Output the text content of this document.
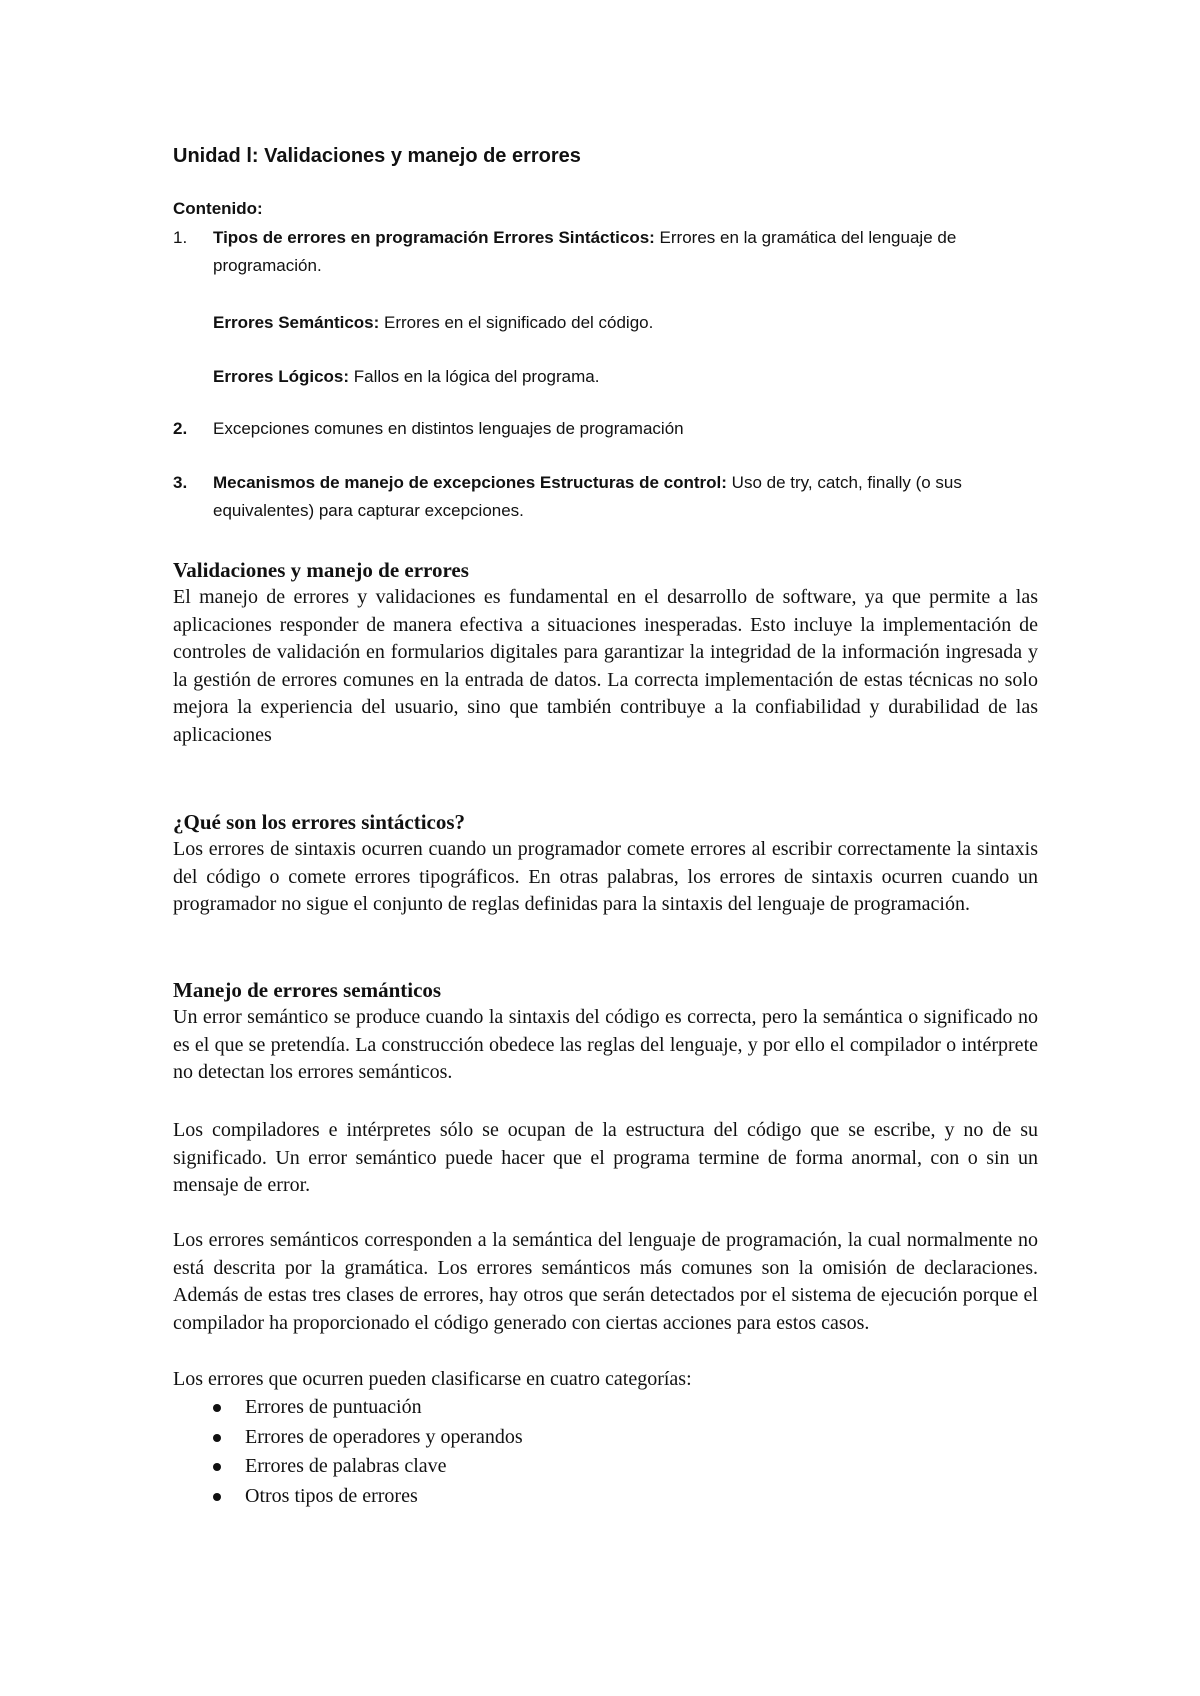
Unidad l: Validaciones y manejo de errores
Contenido:
1. Tipos de errores en programación Errores Sintácticos: Errores en la gramática del lenguaje de programación.
Errores Semánticos: Errores en el significado del código.
Errores Lógicos: Fallos en la lógica del programa.
2. Excepciones comunes en distintos lenguajes de programación
3. Mecanismos de manejo de excepciones Estructuras de control: Uso de try, catch, finally (o sus equivalentes) para capturar excepciones.
Validaciones y manejo de errores

El manejo de errores y validaciones es fundamental en el desarrollo de software, ya que permite a las aplicaciones responder de manera efectiva a situaciones inesperadas. Esto incluye la implementación de controles de validación en formularios digitales para garantizar la integridad de la información ingresada y la gestión de errores comunes en la entrada de datos. La correcta implementación de estas técnicas no solo mejora la experiencia del usuario, sino que también contribuye a la confiabilidad y durabilidad de las aplicaciones

¿Qué son los errores sintácticos?

Los errores de sintaxis ocurren cuando un programador comete errores al escribir correctamente la sintaxis del código o comete errores tipográficos. En otras palabras, los errores de sintaxis ocurren cuando un programador no sigue el conjunto de reglas definidas para la sintaxis del lenguaje de programación.

Manejo de errores semánticos

Un error semántico se produce cuando la sintaxis del código es correcta, pero la semántica o significado no es el que se pretendía. La construcción obedece las reglas del lenguaje, y por ello el compilador o intérprete no detectan los errores semánticos.

Los compiladores e intérpretes sólo se ocupan de la estructura del código que se escribe, y no de su significado. Un error semántico puede hacer que el programa termine de forma anormal, con o sin un mensaje de error.

Los errores semánticos corresponden a la semántica del lenguaje de programación, la cual normalmente no está descrita por la gramática. Los errores semánticos más comunes son la omisión de declaraciones. Además de estas tres clases de errores, hay otros que serán detectados por el sistema de ejecución porque el compilador ha proporcionado el código generado con ciertas acciones para estos casos.

Los errores que ocurren pueden clasificarse en cuatro categorías:

Errores de puntuación
Errores de operadores y operandos
Errores de palabras clave
Otros tipos de errores
